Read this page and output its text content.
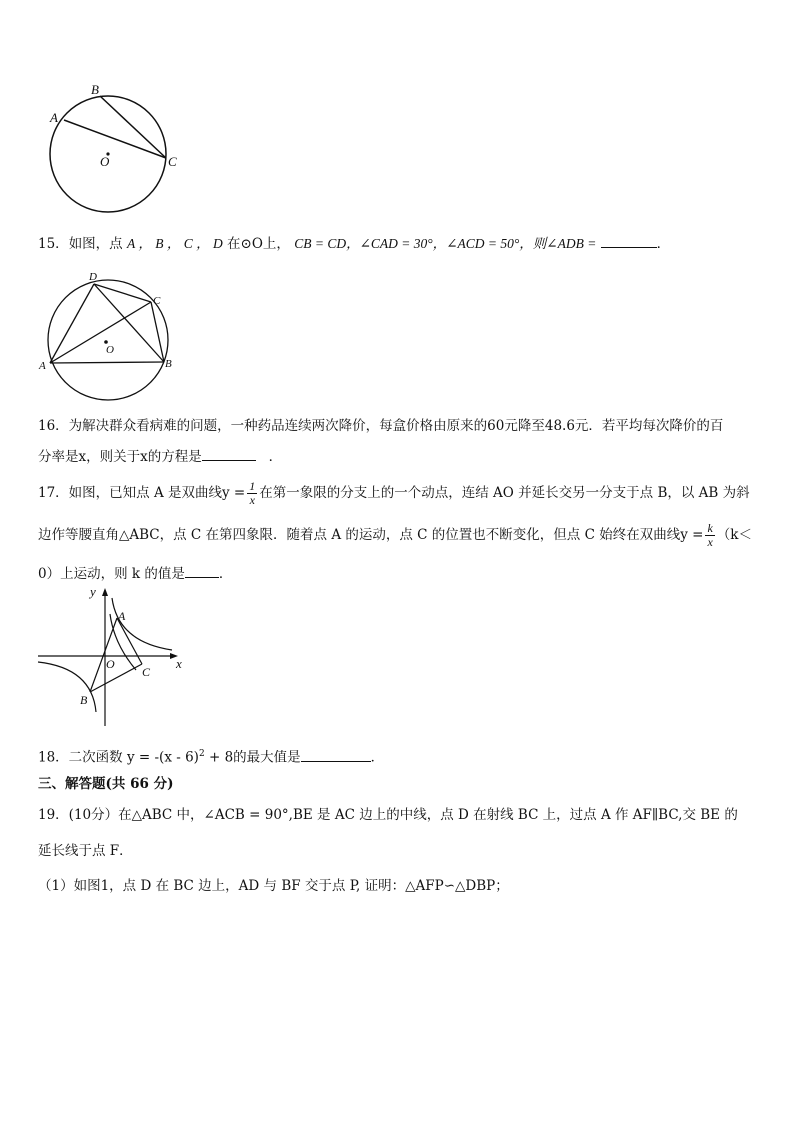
A
B
C
O
15．如图，点 A ， B ， C ， D 在⊙O上， CB = CD，∠CAD = 30°，∠ACD = 50°，则∠ADB =	．
D
C
A	B
O
16．为解决群众看病难的问题，一种药品连续两次降价，每盒价格由原来的60元降至48.6元．若平均每次降价的百
分率是x，则关于x的方程是	．
17．如图，已知点 A 是双曲线$y = \frac{1}{x}$ 在第一象限的分支上的一个动点，连结 AO 并延长交另一分支于点 B，以 AB 为斜
边作等腰直角△ABC，点 C 在第四象限．随着点 A 的运动，点 C 的位置也不断变化，但点 C 始终在双曲线$y = \frac{k}{x} (k<$
0）上运动，则 k 的值是	．
y
x
A
O
B
C
18．二次函数 y = -(x - 6)$^2$ + 8的最大值是	．
三、解答题(共 66 分)
19．(10分）在△ABC 中，∠ACB = 90°,BE 是 AC 边上的中线，点 D 在射线 BC 上，过点 A 作 AF∥BC,交 BE 的
延长线于点 F．
（1）如图1，点 D 在 BC 边上，AD 与 BF 交于点 P, 证明：△AFP∽△DBP；
